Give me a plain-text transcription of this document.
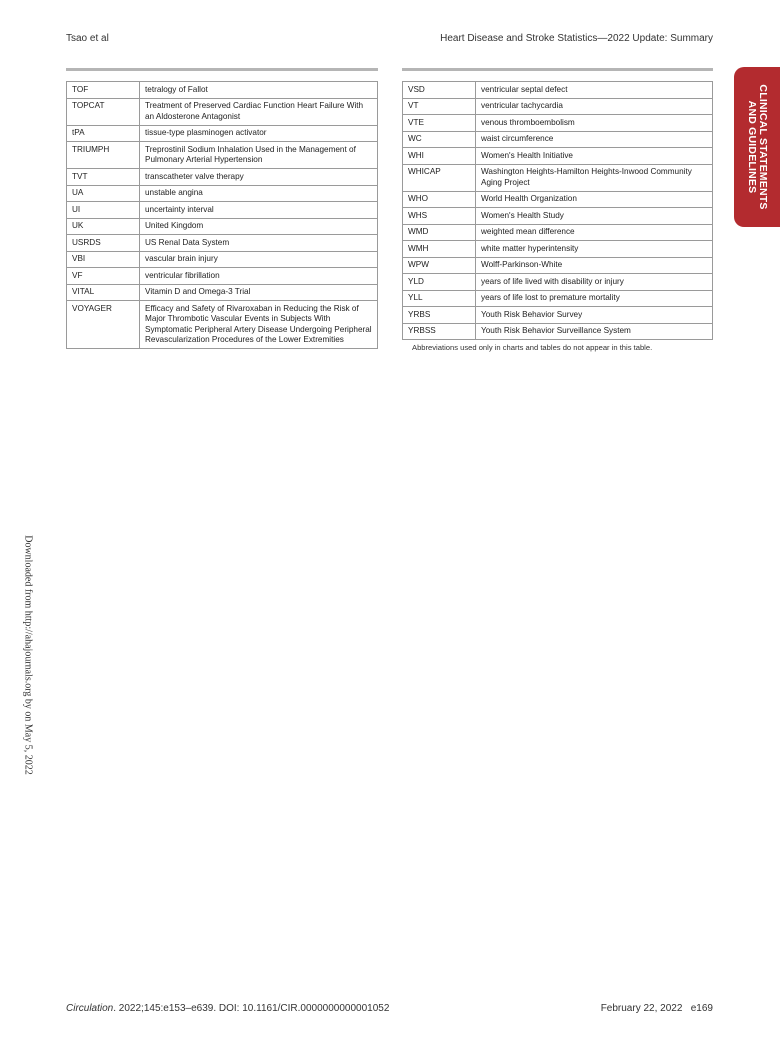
Tsao et al	Heart Disease and Stroke Statistics—2022 Update: Summary
TOF	tetralogy of Fallot
TOPCAT	Treatment of Preserved Cardiac Function Heart Failure With an Aldosterone Antagonist
tPA	tissue-type plasminogen activator
TRIUMPH	Treprostinil Sodium Inhalation Used in the Management of Pulmonary Arterial Hypertension
TVT	transcatheter valve therapy
UA	unstable angina
UI	uncertainty interval
UK	United Kingdom
USRDS	US Renal Data System
VBI	vascular brain injury
VF	ventricular fibrillation
VITAL	Vitamin D and Omega-3 Trial
VOYAGER	Efficacy and Safety of Rivaroxaban in Reducing the Risk of Major Thrombotic Vascular Events in Subjects With Symptomatic Peripheral Artery Disease Undergoing Peripheral Revascularization Procedures of the Lower Extremities
VSD	ventricular septal defect
VT	ventricular tachycardia
VTE	venous thromboembolism
WC	waist circumference
WHI	Women's Health Initiative
WHICAP	Washington Heights-Hamilton Heights-Inwood Community Aging Project
WHO	World Health Organization
WHS	Women's Health Study
WMD	weighted mean difference
WMH	white matter hyperintensity
WPW	Wolff-Parkinson-White
YLD	years of life lived with disability or injury
YLL	years of life lost to premature mortality
YRBS	Youth Risk Behavior Survey
YRBSS	Youth Risk Behavior Surveillance System
Abbreviations used only in charts and tables do not appear in this table.
CLINICAL STATEMENTS
AND GUIDELINES
Downloaded from http://ahajournals.org by on May 5, 2022
Circulation. 2022;145:e153–e639. DOI: 10.1161/CIR.0000000000001052	February 22, 2022   e169
